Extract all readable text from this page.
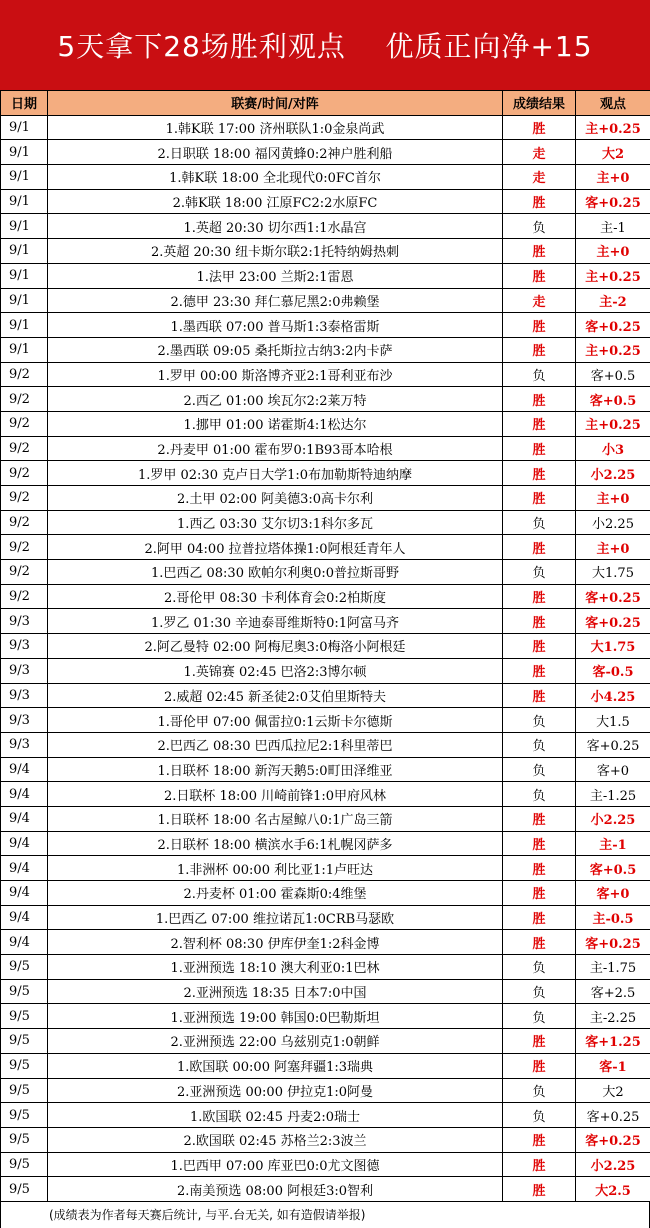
5天拿下28场胜利观点    优质正向净+15
日期	联赛/时间/对阵	成绩结果	观点
9/1	1.韩K联 17:00 济州联队1:0金泉尚武	胜	主+0.25
9/1	2.日职联 18:00 福冈黄蜂0:2神户胜利船	走	大2
9/1	1.韩K联 18:00 全北现代0:0FC首尔	走	主+0
9/1	2.韩K联 18:00 江原FC2:2水原FC	胜	客+0.25
9/1	1.英超 20:30 切尔西1:1水晶宫	负	主-1
9/1	2.英超 20:30 纽卡斯尔联2:1托特纳姆热刺	胜	主+0
9/1	1.法甲 23:00 兰斯2:1雷恩	胜	主+0.25
9/1	2.德甲 23:30 拜仁慕尼黑2:0弗赖堡	走	主-2
9/1	1.墨西联 07:00 普马斯1:3泰格雷斯	胜	客+0.25
9/1	2.墨西联 09:05 桑托斯拉古纳3:2内卡萨	胜	主+0.25
9/2	1.罗甲 00:00 斯洛博齐亚2:1哥利亚布沙	负	客+0.5
9/2	2.西乙 01:00 埃瓦尔2:2莱万特	胜	客+0.5
9/2	1.挪甲 01:00 诺霍斯4:1松达尔	胜	主+0.25
9/2	2.丹麦甲 01:00 霍布罗0:1B93哥本哈根	胜	小3
9/2	1.罗甲 02:30 克卢日大学1:0布加勒斯特迪纳摩	胜	小2.25
9/2	2.土甲 02:00 阿美德3:0高卡尔利	胜	主+0
9/2	1.西乙 03:30 艾尔切3:1科尔多瓦	负	小2.25
9/2	2.阿甲 04:00 拉普拉塔体操1:0阿根廷青年人	胜	主+0
9/2	1.巴西乙 08:30 欧帕尔利奥0:0普拉斯哥野	负	大1.75
9/2	2.哥伦甲 08:30 卡利体育会0:2柏斯度	胜	客+0.25
9/3	1.罗乙 01:30 辛迪泰哥维斯特0:1阿富马齐	胜	客+0.25
9/3	2.阿乙曼特 02:00 阿梅尼奥3:0梅洛小阿根廷	胜	大1.75
9/3	1.英锦赛 02:45 巴洛2:3博尔顿	胜	客-0.5
9/3	2.威超 02:45 新圣徒2:0艾伯里斯特夫	胜	小4.25
9/3	1.哥伦甲 07:00 佩雷拉0:1云斯卡尔德斯	负	大1.5
9/3	2.巴西乙 08:30 巴西瓜拉尼2:1科里蒂巴	负	客+0.25
9/4	1.日联杯 18:00 新泻天鹅5:0町田泽维亚	负	客+0
9/4	2.日联杯 18:00 川崎前锋1:0甲府风林	负	主-1.25
9/4	1.日联杯 18:00 名古屋鲸八0:1广岛三箭	胜	小2.25
9/4	2.日联杯 18:00 横滨水手6:1札幌冈萨多	胜	主-1
9/4	1.非洲杯 00:00 利比亚1:1卢旺达	胜	客+0.5
9/4	2.丹麦杯 01:00 霍森斯0:4维堡	胜	客+0
9/4	1.巴西乙 07:00 维拉诺瓦1:0CRB马瑟欧	胜	主-0.5
9/4	2.智利杯 08:30 伊库伊奎1:2科金博	胜	客+0.25
9/5	1.亚洲预选 18:10 澳大利亚0:1巴林	负	主-1.75
9/5	2.亚洲预选 18:35 日本7:0中国	负	客+2.5
9/5	1.亚洲预选 19:00 韩国0:0巴勒斯坦	负	主-2.25
9/5	2.亚洲预选 22:00 乌兹别克1:0朝鲜	胜	客+1.25
9/5	1.欧国联 00:00 阿塞拜疆1:3瑞典	胜	客-1
9/5	2.亚洲预选 00:00 伊拉克1:0阿曼	负	大2
9/5	1.欧国联 02:45 丹麦2:0瑞士	负	客+0.25
9/5	2.欧国联 02:45 苏格兰2:3波兰	胜	客+0.25
9/5	1.巴西甲 07:00 库亚巴0:0尤文图德	胜	小2.25
9/5	2.南美预选 08:00 阿根廷3:0智利	胜	大2.5
(成绩表为作者每天赛后统计, 与平.台无关, 如有造假请举报)
